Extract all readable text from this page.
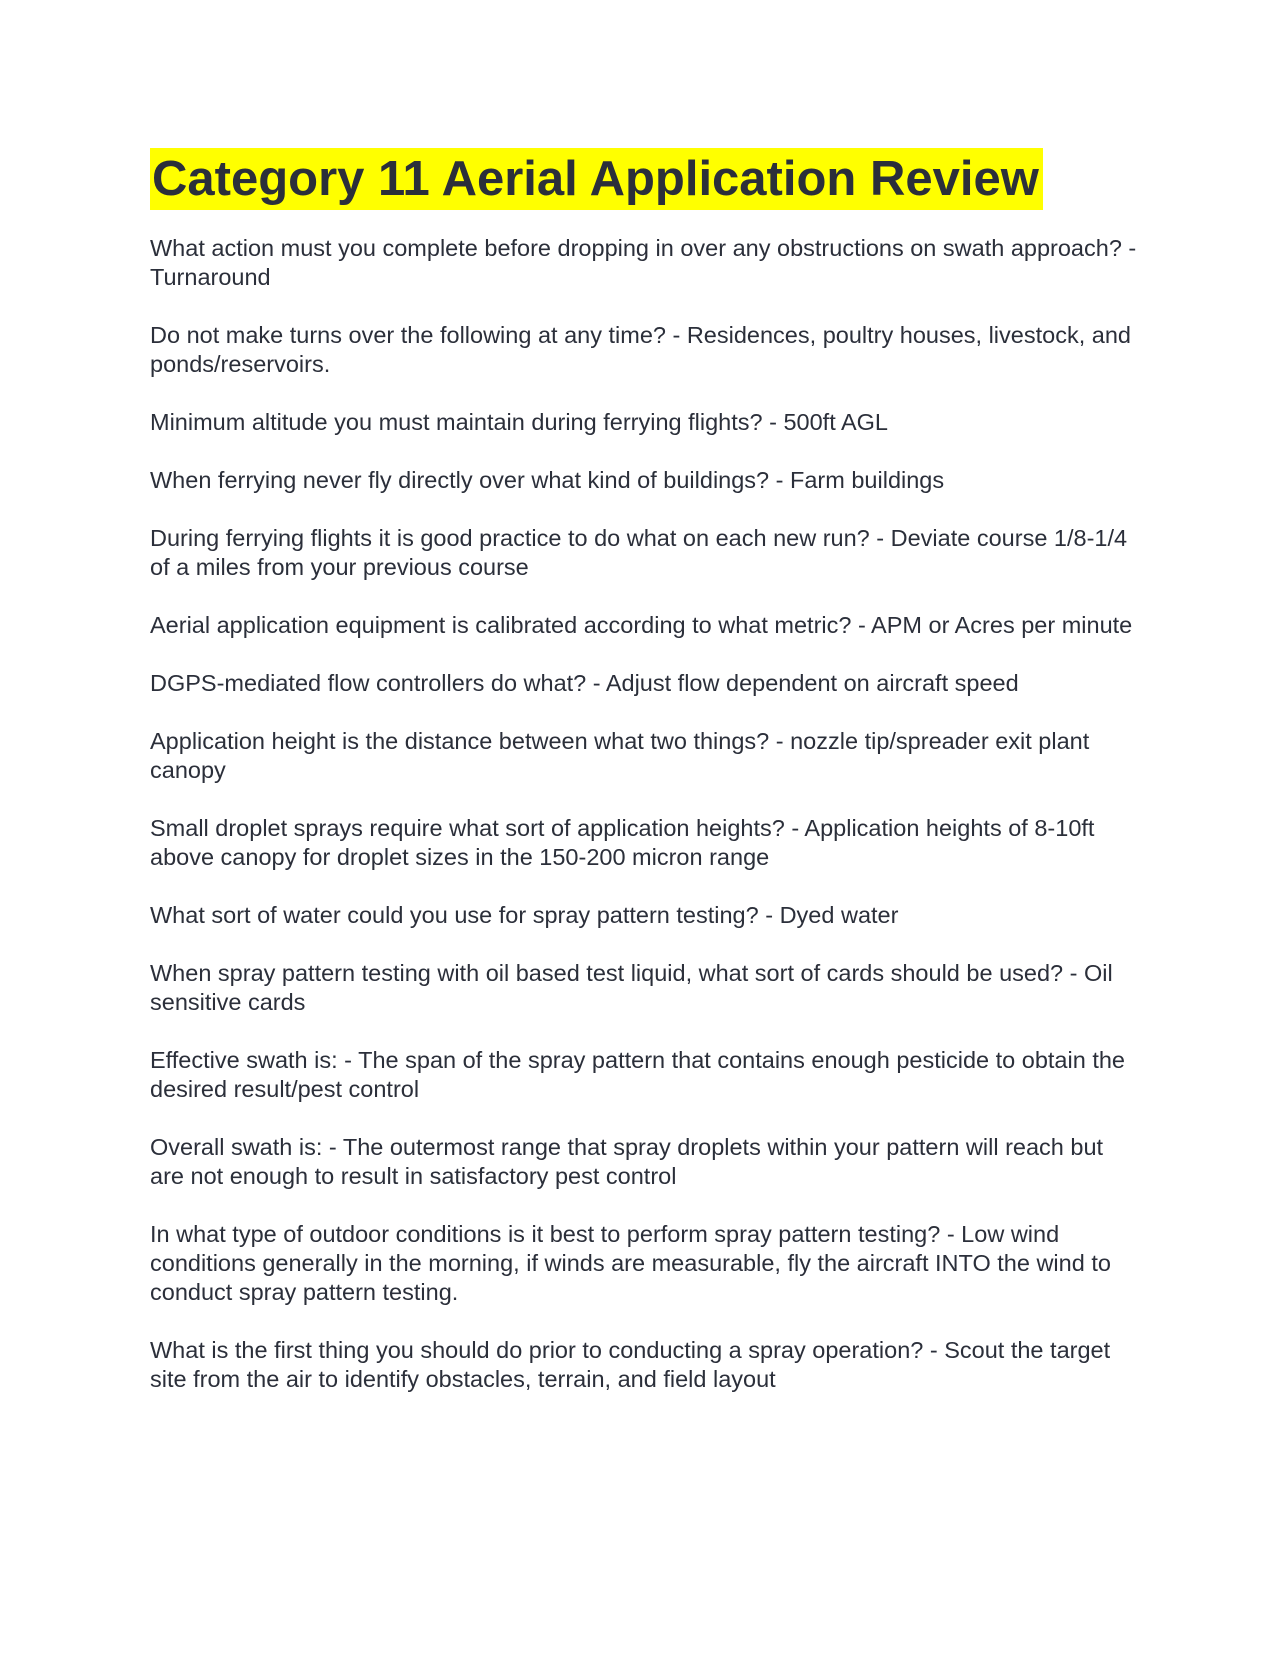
Category 11 Aerial Application Review
What action must you complete before dropping in over any obstructions on swath approach? - Turnaround
Do not make turns over the following at any time? - Residences, poultry houses, livestock, and ponds/reservoirs.
Minimum altitude you must maintain during ferrying flights? - 500ft AGL
When ferrying never fly directly over what kind of buildings? - Farm buildings
During ferrying flights it is good practice to do what on each new run? - Deviate course 1/8-1/4 of a miles from your previous course
Aerial application equipment is calibrated according to what metric? - APM or Acres per minute
DGPS-mediated flow controllers do what? - Adjust flow dependent on aircraft speed
Application height is the distance between what two things? - nozzle tip/spreader exit plant canopy
Small droplet sprays require what sort of application heights? - Application heights of 8-10ft above canopy for droplet sizes in the 150-200 micron range
What sort of water could you use for spray pattern testing? - Dyed water
When spray pattern testing with oil based test liquid, what sort of cards should be used? - Oil sensitive cards
Effective swath is: - The span of the spray pattern that contains enough pesticide to obtain the desired result/pest control
Overall swath is: - The outermost range that spray droplets within your pattern will reach but are not enough to result in satisfactory pest control
In what type of outdoor conditions is it best to perform spray pattern testing? - Low wind conditions generally in the morning, if winds are measurable, fly the aircraft INTO the wind to conduct spray pattern testing.
What is the first thing you should do prior to conducting a spray operation? - Scout the target site from the air to identify obstacles, terrain, and field layout
